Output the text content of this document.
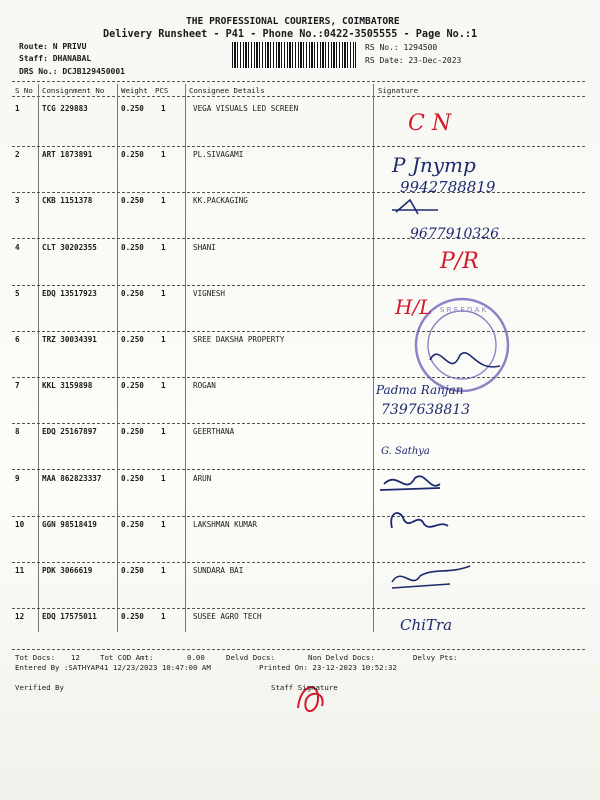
THE PROFESSIONAL COURIERS, COIMBATORE
Delivery Runsheet - P41 - Phone No.:0422-3505555 - Page No.:1
Route: N PRIVU
Staff: DHANABAL
DRS No.: DCJB129450001
RS No.: 1294500
RS Date: 23-Dec-2023
S No Consignment No Weight PCS	Consignee Details	Signature
1	TCG 229883	0.250 1	VEGA VISUALS LED SCREEN
2	ART 1873891	0.250 1	PL.SIVAGAMI
3	CKB 1151378	0.250 1	KK.PACKAGING
4	CLT 30202355	0.250 1	SHANI
5	EDQ 13517923	0.250 1	VIGNESH
6	TRZ 30034391	0.250 1	SREE DAKSHA PROPERTY
7	KKL 3159898	0.250 1	ROGAN
8	EDQ 25167897	0.250 1	GEERTHANA
9	MAA 862823337	0.250 1	ARUN
10 GGN 98518419	0.250 1	LAKSHMAN KUMAR
11 PDK 3066619	0.250 1	SUNDARA BAI
12 EDQ 17575011	0.250 1	SUSEE AGRO TECH
C N
P Jnymp
9942788819
9677910326
P/R
H/L S R E E D A K
Padma Ranjan
7397638813
G. Sathya
ChiTra
Tot Docs: 12	Tot COD Amt:	0.00	Delvd Docs:	Non Delvd Docs:	Delvy Pts:
Entered By :SATHYAP41 12/23/2023 10:47:00 AM	Printed On: 23-12-2023 10:52:32
Verified By	Staff Signature
